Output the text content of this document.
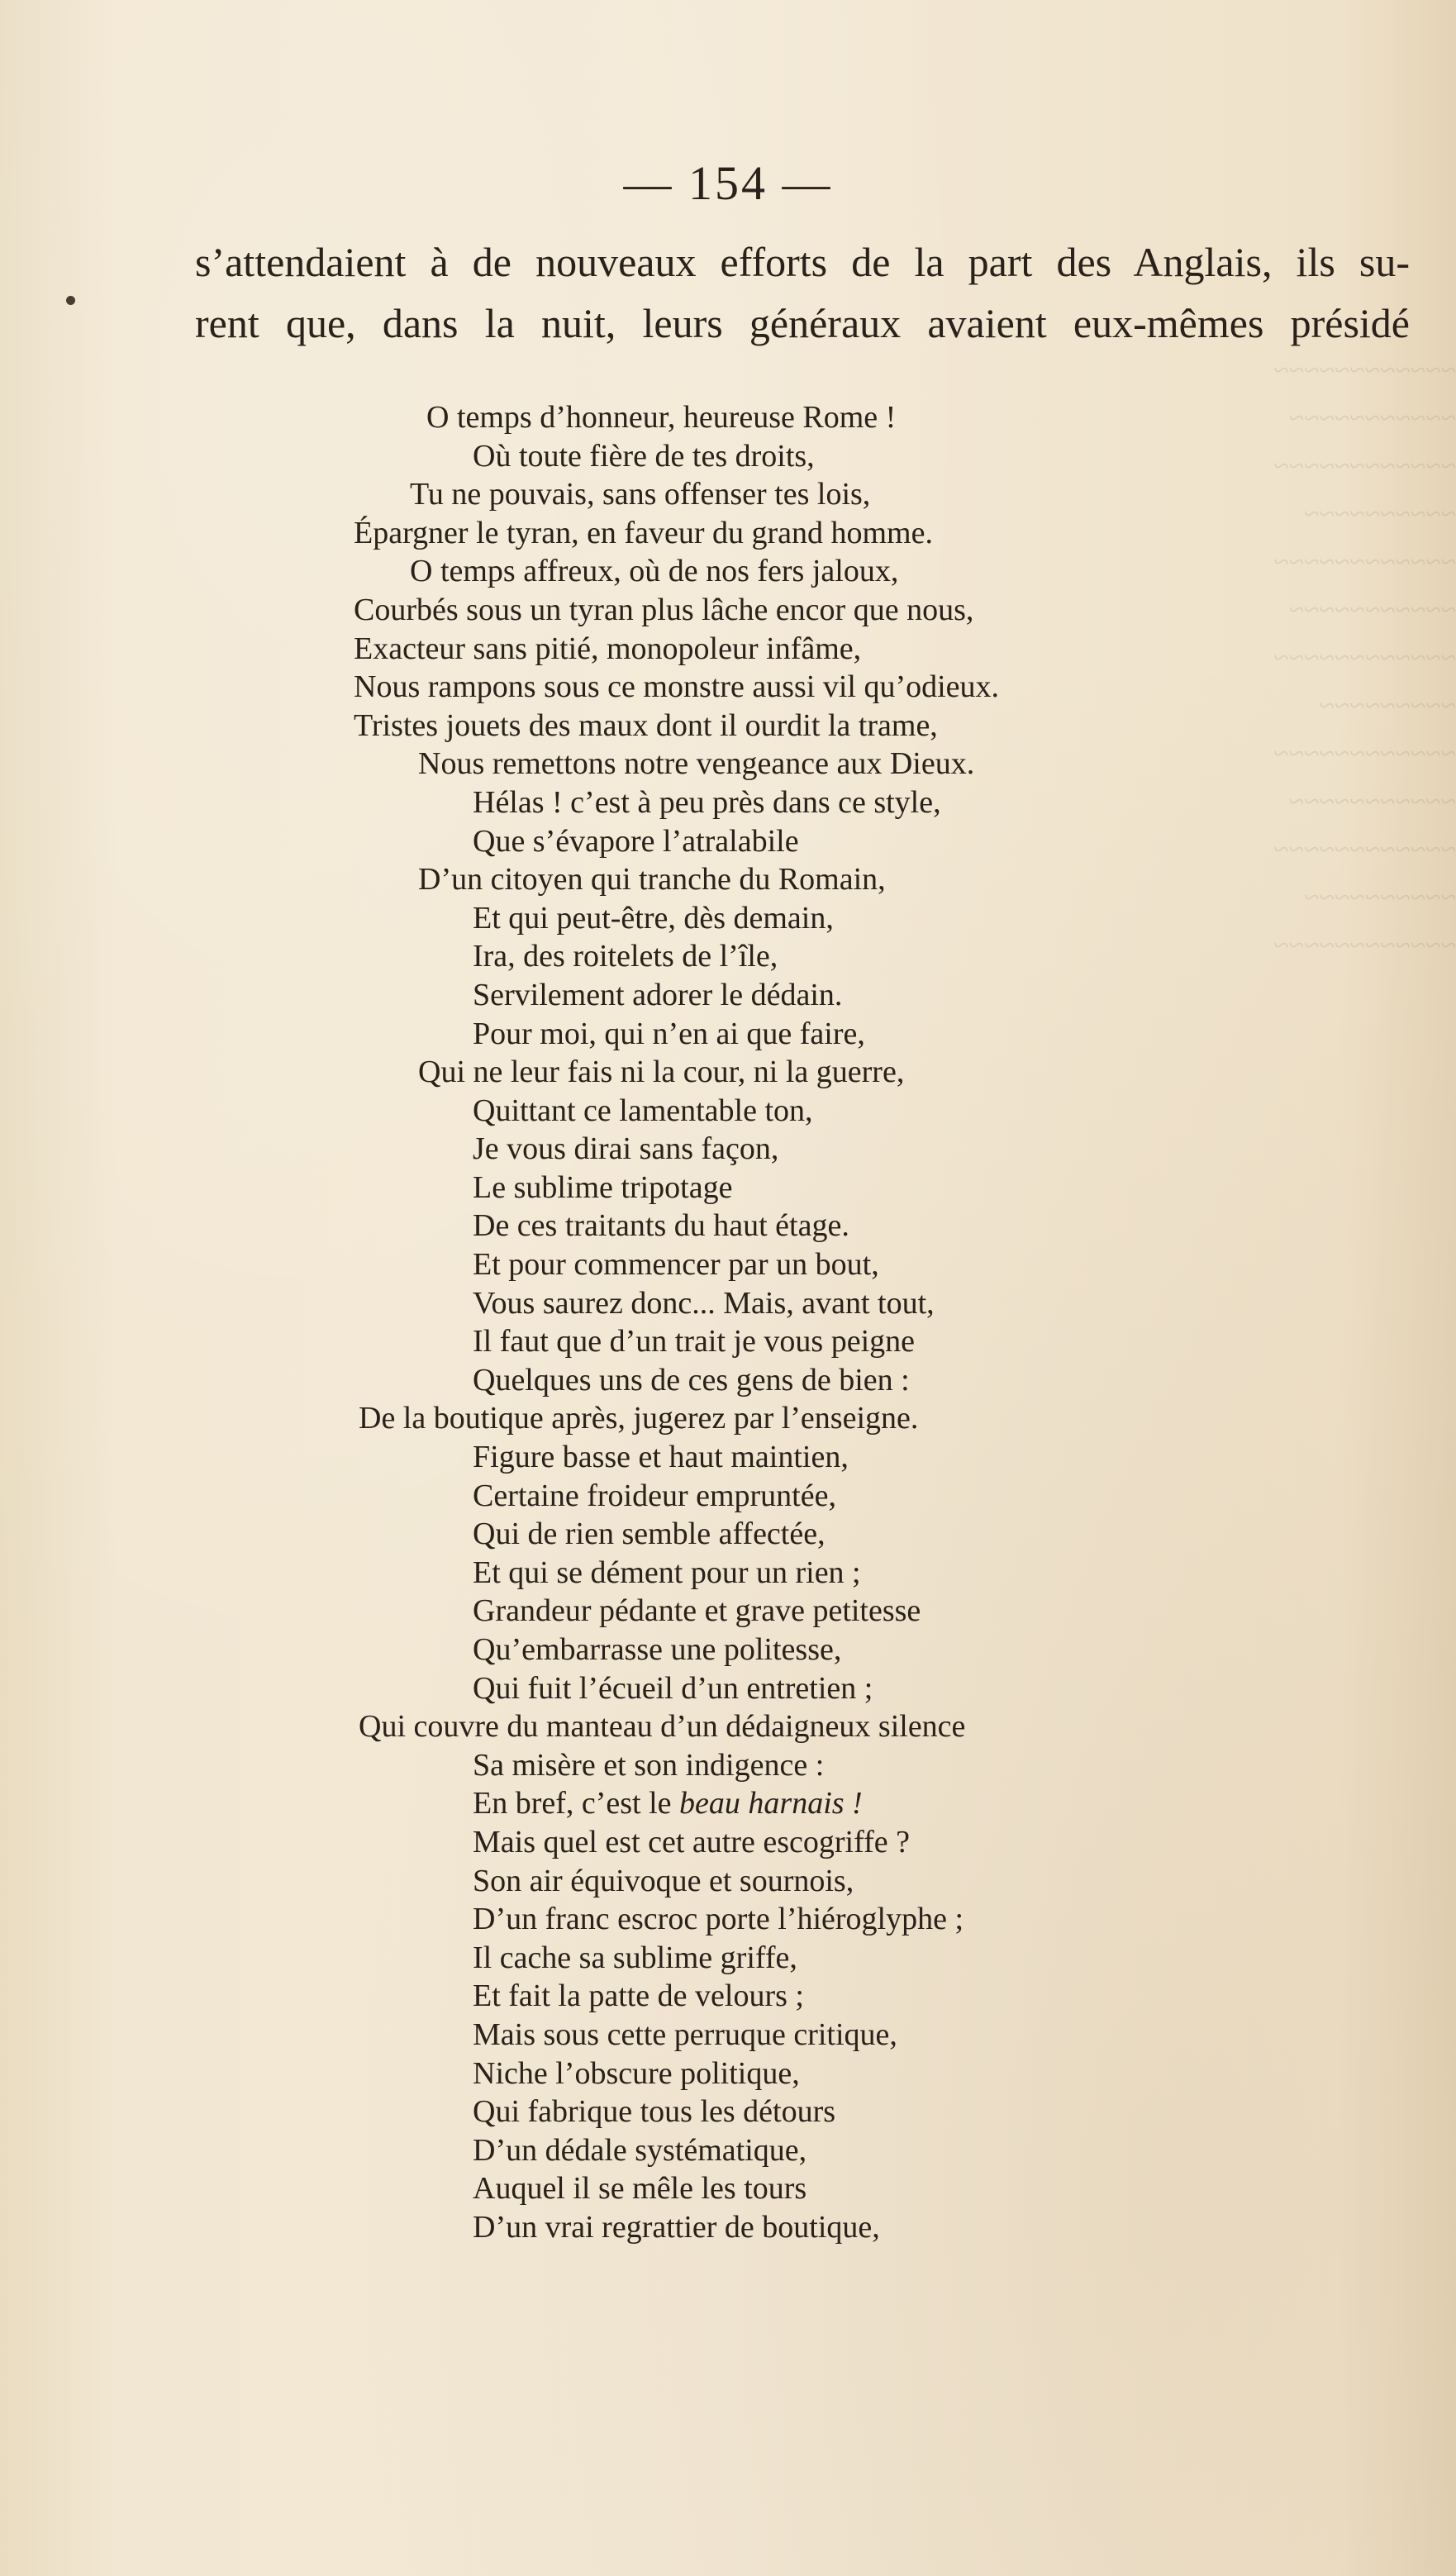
~~~~~~~~~~~~
~~~~~~~~~~~
~~~~~~~~~~~~
~~~~~~~~~~
~~~~~~~~~~~~
~~~~~~~~~~~
~~~~~~~~~~~~
~~~~~~~~~
~~~~~~~~~~~~
~~~~~~~~~~~
~~~~~~~~~~~~
~~~~~~~~~~
~~~~~~~~~~~~
— 154 —
s’attendaient à de nouveaux efforts de la part des Anglais, ils su-
rent que, dans la nuit, leurs généraux avaient eux-mêmes présidé
O temps d’honneur, heureuse Rome !
Où toute fière de tes droits,
Tu ne pouvais, sans offenser tes lois,
Épargner le tyran, en faveur du grand homme.
O temps affreux, où de nos fers jaloux,
Courbés sous un tyran plus lâche encor que nous,
Exacteur sans pitié, monopoleur infâme,
Nous rampons sous ce monstre aussi vil qu’odieux.
Tristes jouets des maux dont il ourdit la trame,
Nous remettons notre vengeance aux Dieux.
Hélas ! c’est à peu près dans ce style,
Que s’évapore l’atralabile
D’un citoyen qui tranche du Romain,
Et qui peut-être, dès demain,
Ira, des roitelets de l’île,
Servilement adorer le dédain.
Pour moi, qui n’en ai que faire,
Qui ne leur fais ni la cour, ni la guerre,
Quittant ce lamentable ton,
Je vous dirai sans façon,
Le sublime tripotage
De ces traitants du haut étage.
Et pour commencer par un bout,
Vous saurez donc... Mais, avant tout,
Il faut que d’un trait je vous peigne
Quelques uns de ces gens de bien :
De la boutique après, jugerez par l’enseigne.
Figure basse et haut maintien,
Certaine froideur empruntée,
Qui de rien semble affectée,
Et qui se dément pour un rien ;
Grandeur pédante et grave petitesse
Qu’embarrasse une politesse,
Qui fuit l’écueil d’un entretien ;
Qui couvre du manteau d’un dédaigneux silence
Sa misère et son indigence :
En bref, c’est le beau harnais !
Mais quel est cet autre escogriffe ?
Son air équivoque et sournois,
D’un franc escroc porte l’hiéroglyphe ;
Il cache sa sublime griffe,
Et fait la patte de velours ;
Mais sous cette perruque critique,
Niche l’obscure politique,
Qui fabrique tous les détours
D’un dédale systématique,
Auquel il se mêle les tours
D’un vrai regrattier de boutique,
